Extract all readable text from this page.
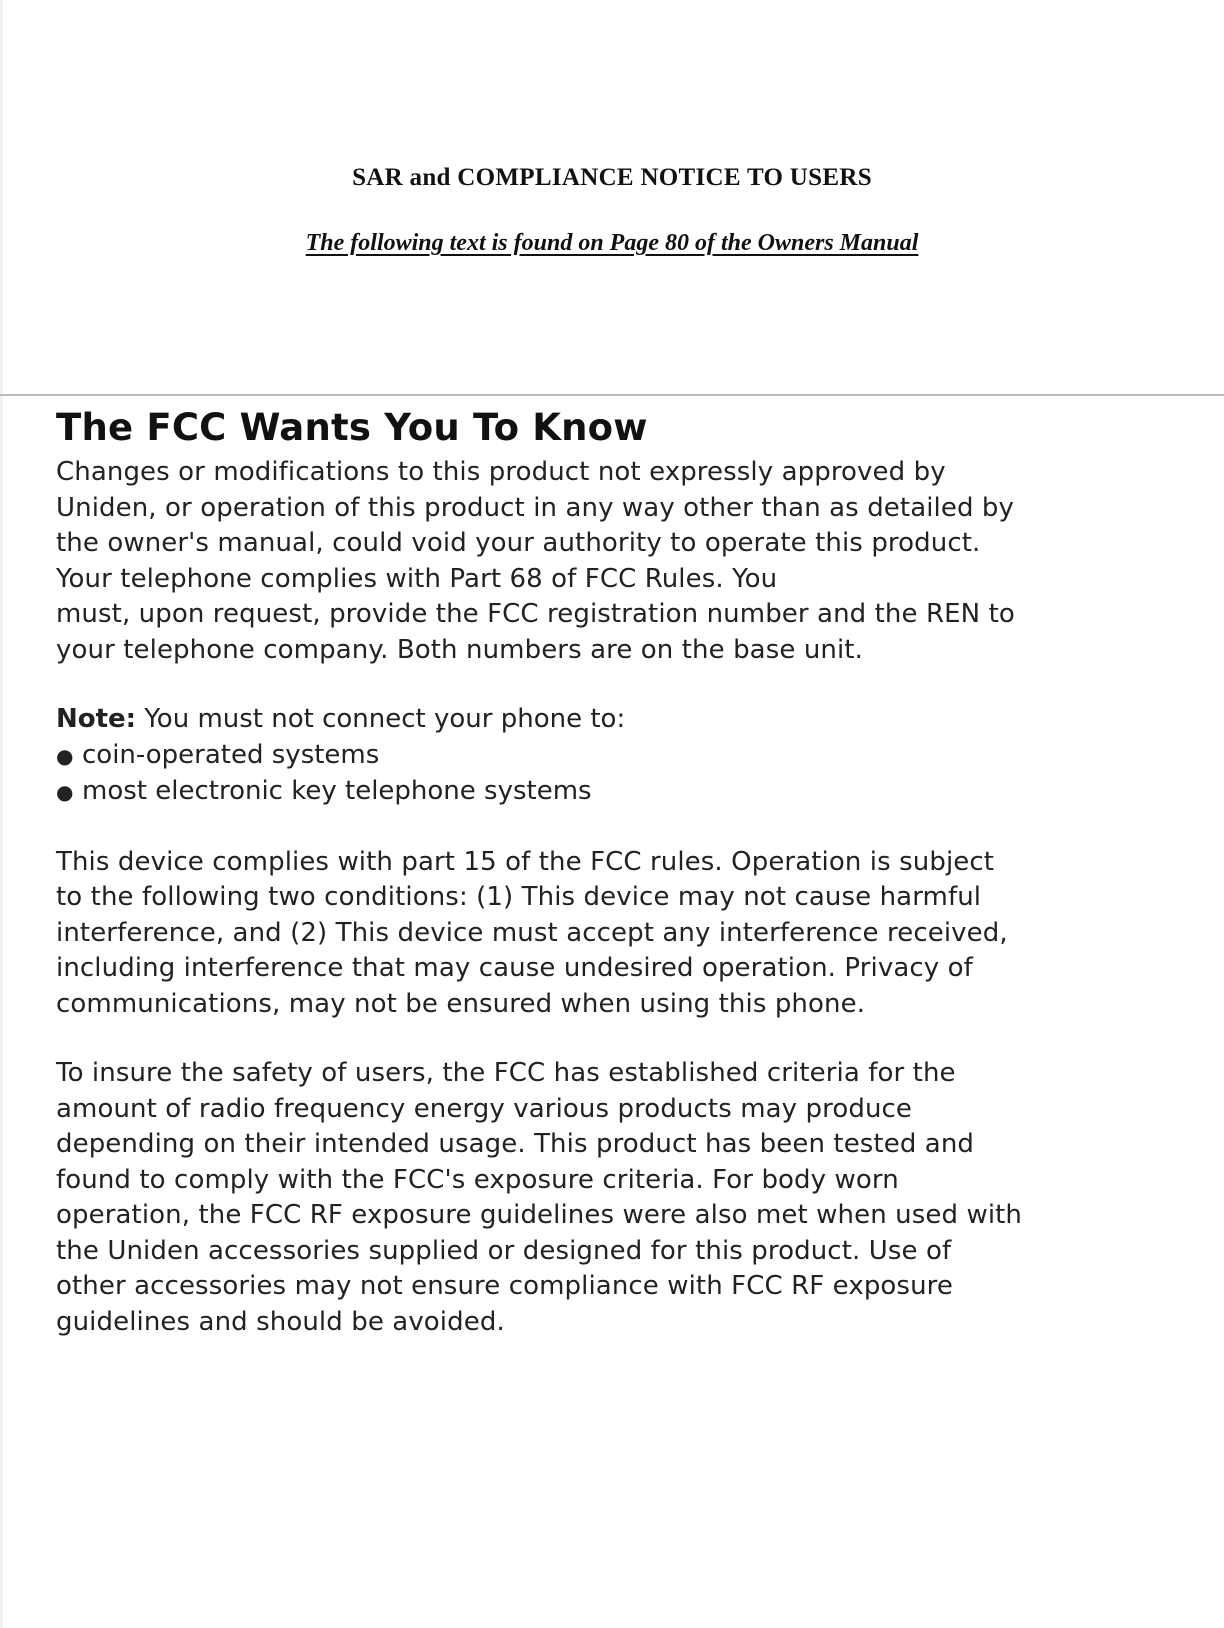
SAR and COMPLIANCE NOTICE TO USERS
The following text is found on Page 80 of the Owners Manual
The FCC Wants You To Know

Changes or modifications to this product not expressly approved by
Uniden, or operation of this product in any way other than as detailed by
the owner's manual, could void your authority to operate this product.
Your telephone complies with Part 68 of FCC Rules. You
must, upon request, provide the FCC registration number and the REN to
your telephone company. Both numbers are on the base unit.

Note: You must not connect your phone to:

● coin-operated systems
● most electronic key telephone systems

This device complies with part 15 of the FCC rules. Operation is subject
to the following two conditions: (1) This device may not cause harmful
interference, and (2) This device must accept any interference received,
including interference that may cause undesired operation. Privacy of
communications, may not be ensured when using this phone.

To insure the safety of users, the FCC has established criteria for the
amount of radio frequency energy various products may produce
depending on their intended usage. This product has been tested and
found to comply with the FCC's exposure criteria. For body worn
operation, the FCC RF exposure guidelines were also met when used with
the Uniden accessories supplied or designed for this product. Use of
other accessories may not ensure compliance with FCC RF exposure
guidelines and should be avoided.
